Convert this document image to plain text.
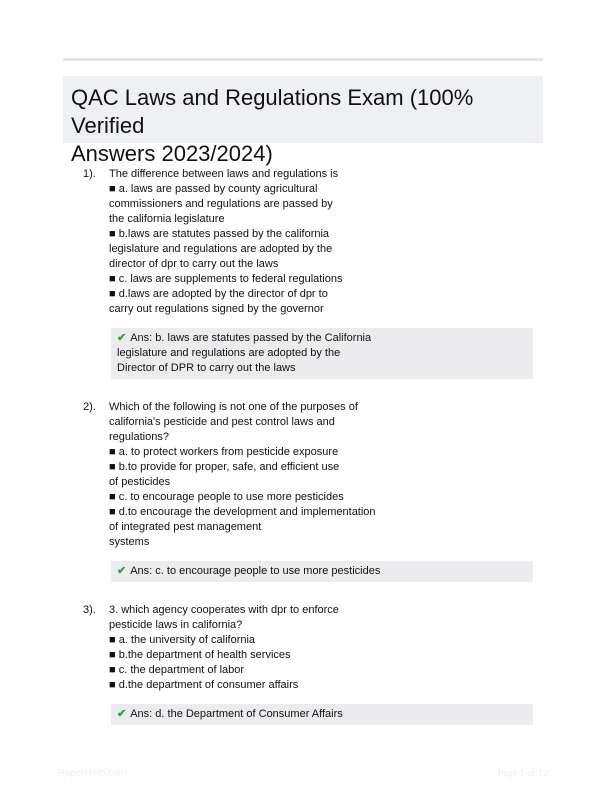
QAC Laws and Regulations Exam (100% Verified
Answers 2023/2024)
1). The difference between laws and regulations is
■ a. laws are passed by county agricultural
commissioners and regulations are passed by
the california legislature
■ b.laws are statutes passed by the california
legislature and regulations are adopted by the
director of dpr to carry out the laws
■ c. laws are supplements to federal regulations
■ d.laws are adopted by the director of dpr to
carry out regulations signed by the governor
✔ Ans: b. laws are statutes passed by the California
legislature and regulations are adopted by the
Director of DPR to carry out the laws
2). Which of the following is not one of the purposes of
california's pesticide and pest control laws and
regulations?
■ a. to protect workers from pesticide exposure
■ b.to provide for proper, safe, and efficient use
of pesticides
■ c. to encourage people to use more pesticides
■ d.to encourage the development and implementation
of integrated pest management
systems
✔ Ans: c. to encourage people to use more pesticides
3). 3. which agency cooperates with dpr to enforce
pesticide laws in california?
■ a. the university of california
■ b.the department of health services
■ c. the department of labor
■ d.the department of consumer affairs
✔ Ans: d. the Department of Consumer Affairs
PaperHelp.com	Page 1 of 12
